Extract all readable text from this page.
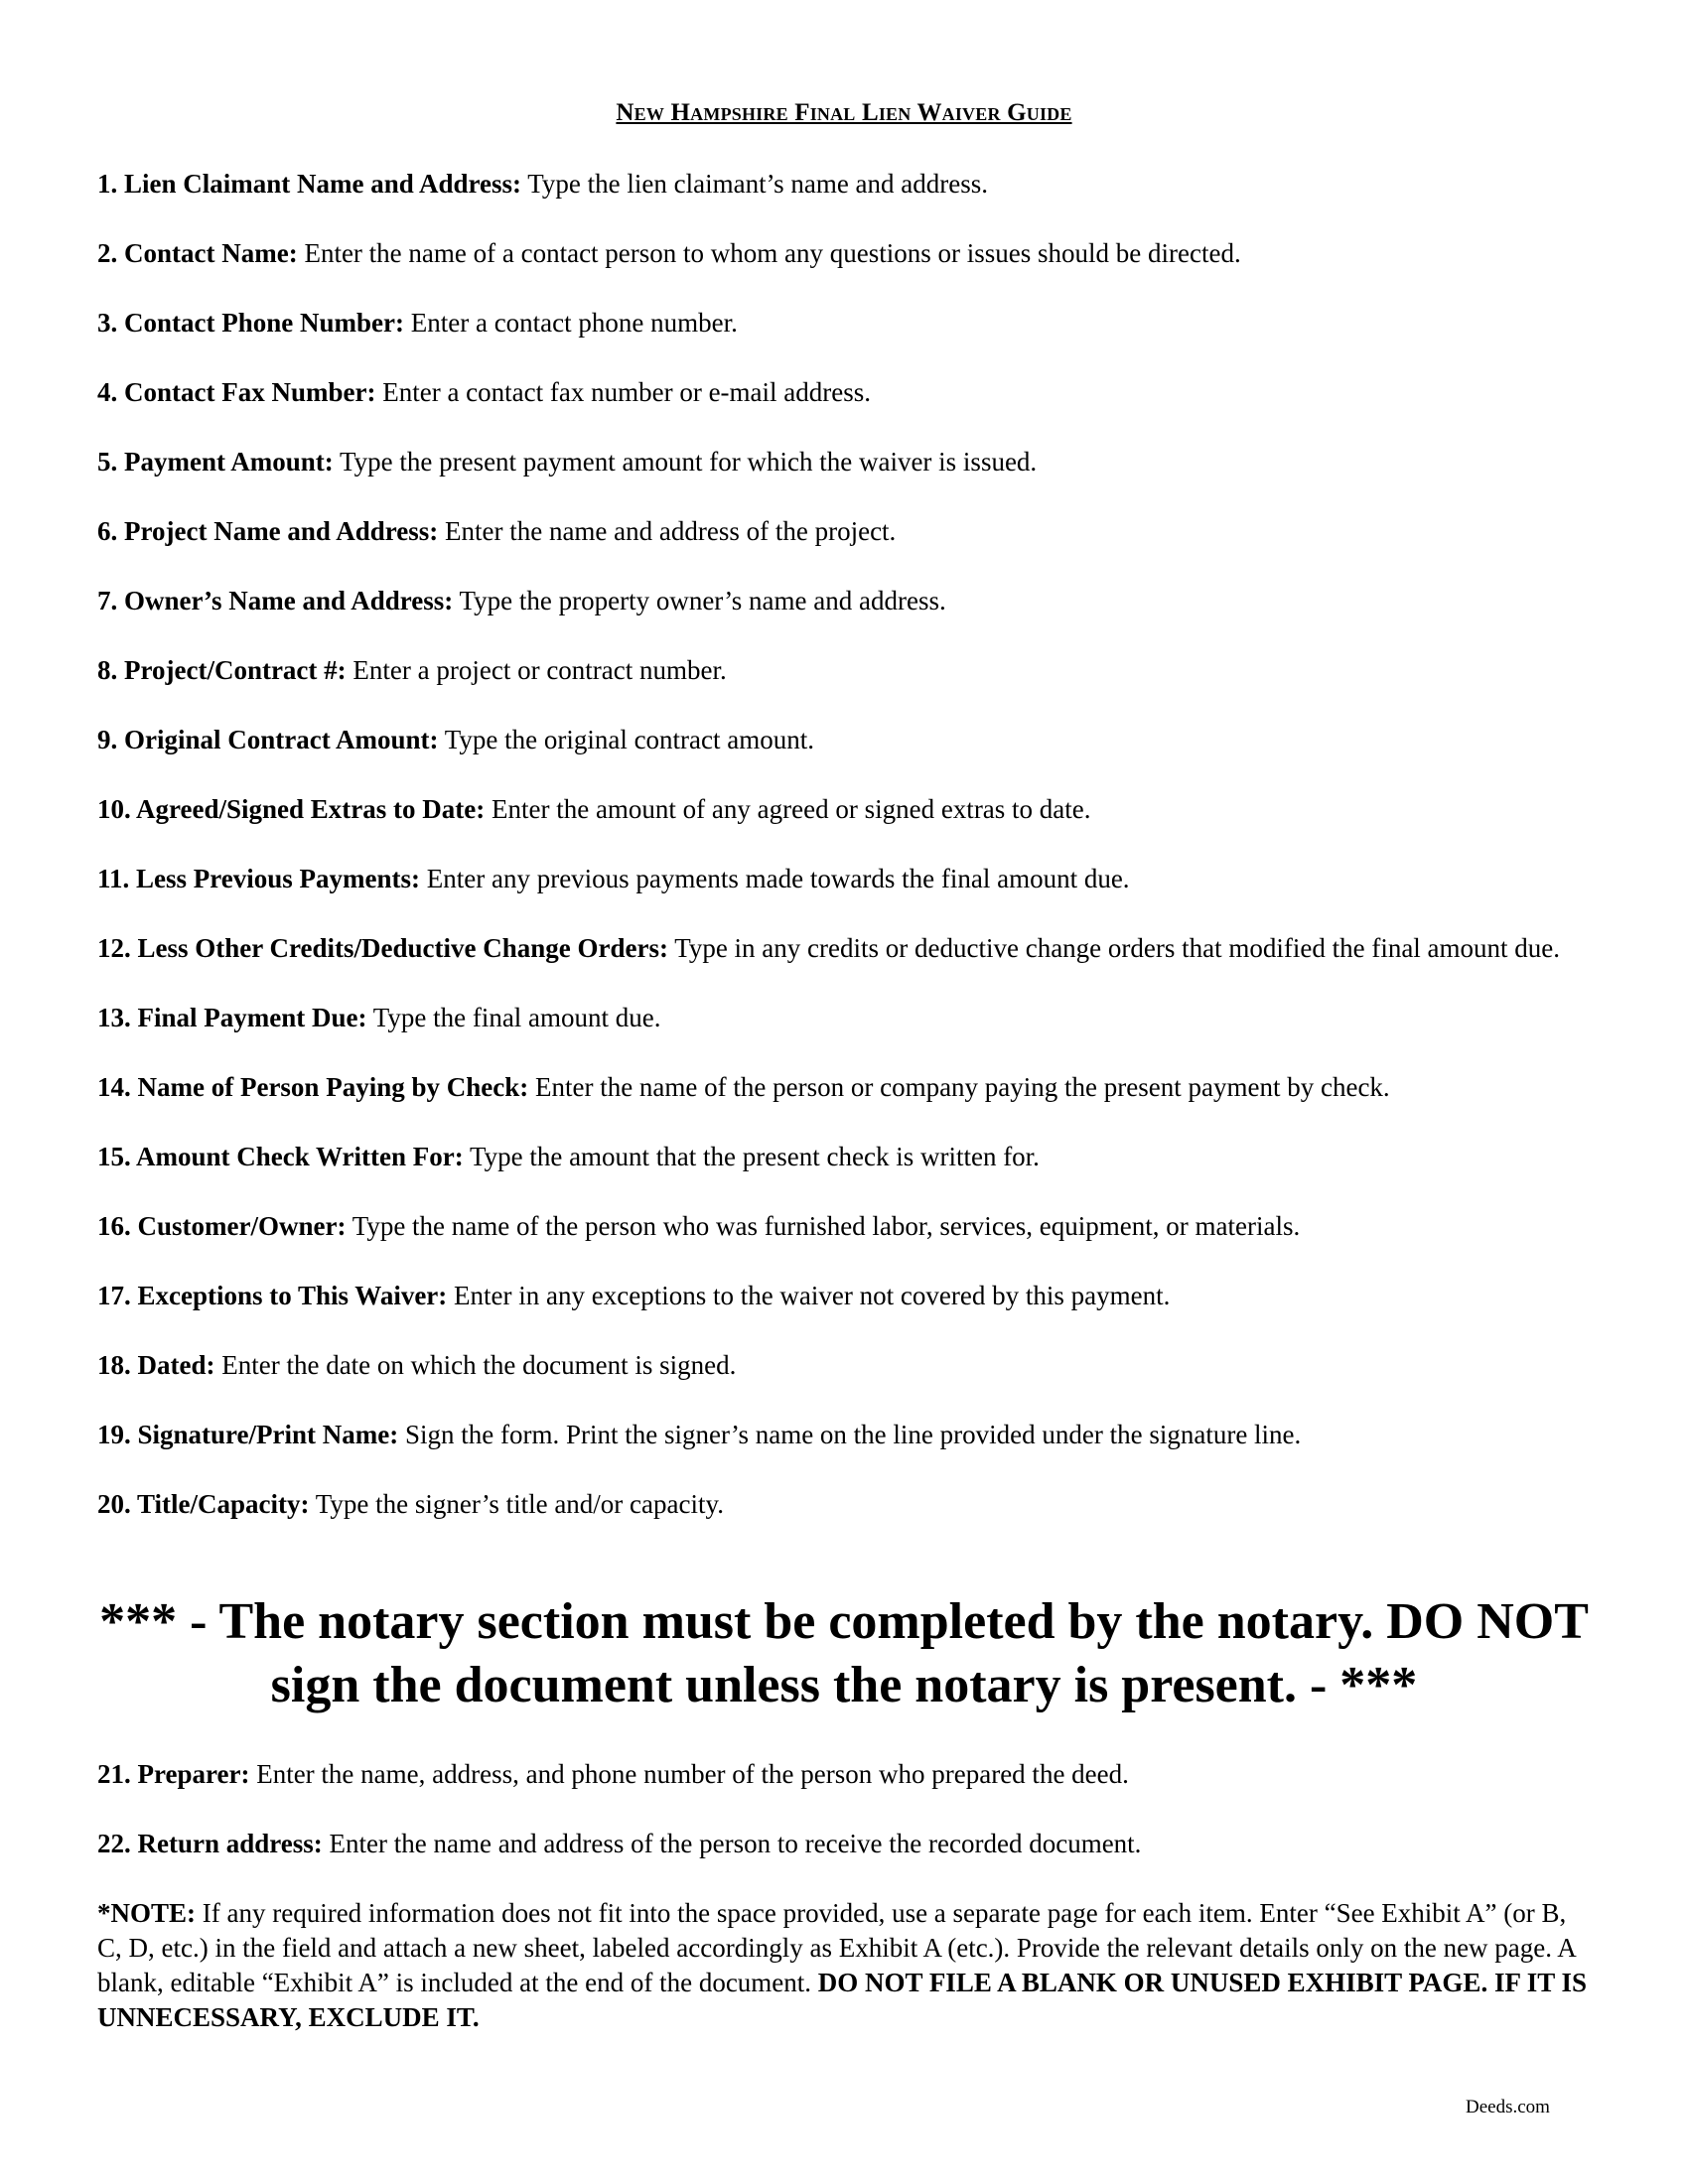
New Hampshire Final Lien Waiver Guide
1. Lien Claimant Name and Address: Type the lien claimant’s name and address.
2. Contact Name: Enter the name of a contact person to whom any questions or issues should be directed.
3. Contact Phone Number: Enter a contact phone number.
4. Contact Fax Number: Enter a contact fax number or e-mail address.
5. Payment Amount: Type the present payment amount for which the waiver is issued.
6. Project Name and Address: Enter the name and address of the project.
7. Owner’s Name and Address: Type the property owner’s name and address.
8. Project/Contract #: Enter a project or contract number.
9. Original Contract Amount: Type the original contract amount.
10. Agreed/Signed Extras to Date: Enter the amount of any agreed or signed extras to date.
11. Less Previous Payments: Enter any previous payments made towards the final amount due.
12. Less Other Credits/Deductive Change Orders: Type in any credits or deductive change orders that modified the final amount due.
13. Final Payment Due: Type the final amount due.
14. Name of Person Paying by Check: Enter the name of the person or company paying the present payment by check.
15. Amount Check Written For: Type the amount that the present check is written for.
16. Customer/Owner: Type the name of the person who was furnished labor, services, equipment, or materials.
17. Exceptions to This Waiver: Enter in any exceptions to the waiver not covered by this payment.
18. Dated: Enter the date on which the document is signed.
19. Signature/Print Name: Sign the form. Print the signer’s name on the line provided under the signature line.
20. Title/Capacity: Type the signer’s title and/or capacity.
*** - The notary section must be completed by the notary. DO NOT sign the document unless the notary is present. - ***
21. Preparer: Enter the name, address, and phone number of the person who prepared the deed.
22. Return address: Enter the name and address of the person to receive the recorded document.
*NOTE: If any required information does not fit into the space provided, use a separate page for each item. Enter “See Exhibit A” (or B, C, D, etc.) in the field and attach a new sheet, labeled accordingly as Exhibit A (etc.). Provide the relevant details only on the new page. A blank, editable “Exhibit A” is included at the end of the document. DO NOT FILE A BLANK OR UNUSED EXHIBIT PAGE. IF IT IS UNNECESSARY, EXCLUDE IT.
Deeds.com
